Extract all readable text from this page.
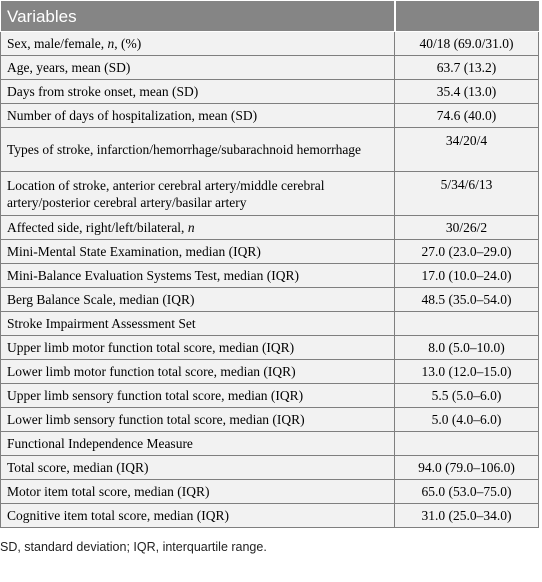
Variables	
Sex, male/female, n, (%)	40/18 (69.0/31.0)
Age, years, mean (SD)	63.7 (13.2)
Days from stroke onset, mean (SD)	35.4 (13.0)
Number of days of hospitalization, mean (SD)	74.6 (40.0)
Types of stroke, infarction/hemorrhage/subarachnoid hemorrhage	34/20/4
Location of stroke, anterior cerebral artery/middle cerebral artery/posterior cerebral artery/basilar artery	5/34/6/13
Affected side, right/left/bilateral, n	30/26/2
Mini-Mental State Examination, median (IQR)	27.0 (23.0–29.0)
Mini-Balance Evaluation Systems Test, median (IQR)	17.0 (10.0–24.0)
Berg Balance Scale, median (IQR)	48.5 (35.0–54.0)
Stroke Impairment Assessment Set	
Upper limb motor function total score, median (IQR)	8.0 (5.0–10.0)
Lower limb motor function total score, median (IQR)	13.0 (12.0–15.0)
Upper limb sensory function total score, median (IQR)	5.5 (5.0–6.0)
Lower limb sensory function total score, median (IQR)	5.0 (4.0–6.0)
Functional Independence Measure	
Total score, median (IQR)	94.0 (79.0–106.0)
Motor item total score, median (IQR)	65.0 (53.0–75.0)
Cognitive item total score, median (IQR)	31.0 (25.0–34.0)
SD, standard deviation; IQR, interquartile range.
